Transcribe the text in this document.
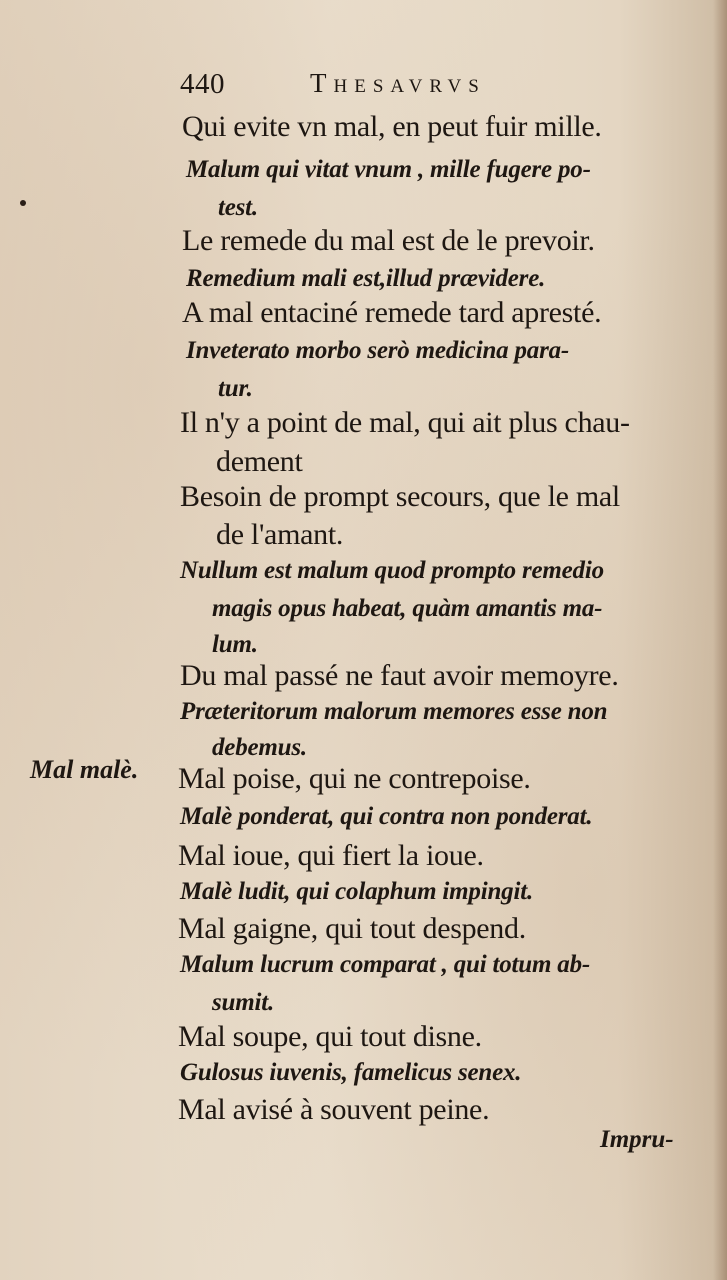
440	Thesavrvs
Mal malè.
Qui evite vn mal, en peut fuir mille.
Malum qui vitat vnum , mille fugere po-
test.
Le remede du mal est de le prevoir.
Remedium mali est,illud prævidere.
A mal entaciné remede tard apresté.
Inveterato morbo serò medicina para-
tur.
Il n'y a point de mal, qui ait plus chau-
dement
Besoin de prompt secours, que le mal
de l'amant.
Nullum est malum quod prompto remedio
magis opus habeat, quàm amantis ma-
lum.
Du mal passé ne faut avoir memoyre.
Præteritorum malorum memores esse non
debemus.
Mal poise, qui ne contrepoise.
Malè ponderat, qui contra non ponderat.
Mal ioue, qui fiert la ioue.
Malè ludit, qui colaphum impingit.
Mal gaigne, qui tout despend.
Malum lucrum comparat , qui totum ab-
sumit.
Mal soupe, qui tout disne.
Gulosus iuvenis, famelicus senex.
Mal avisé à souvent peine.
Impru-
